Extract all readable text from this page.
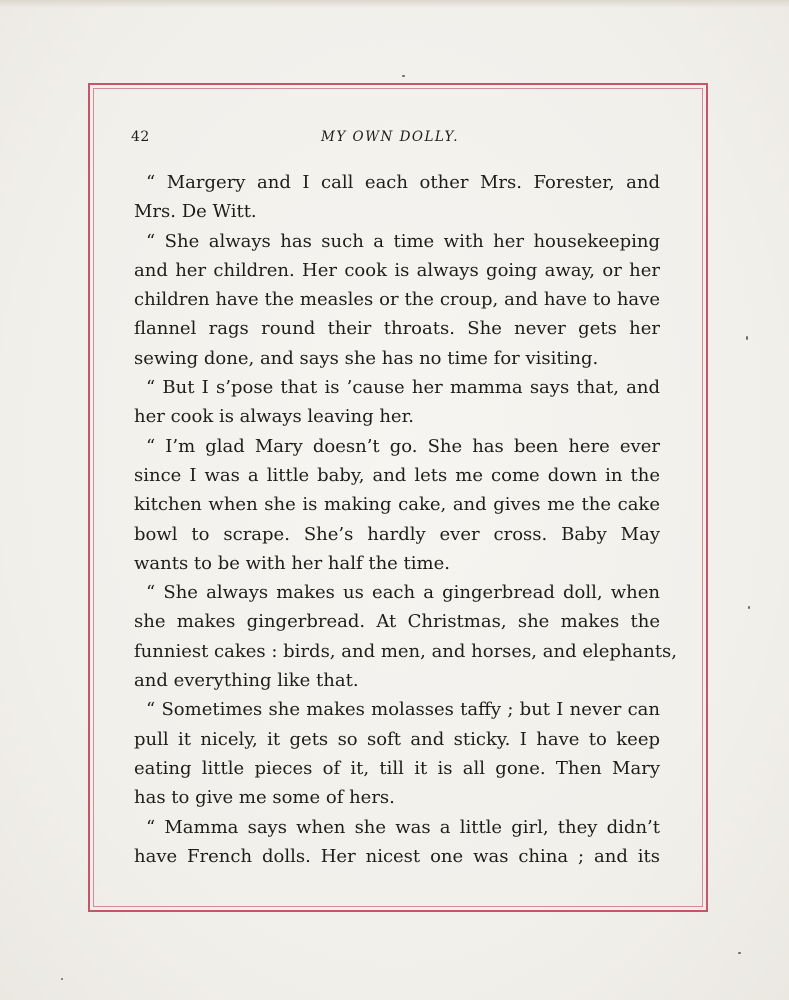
42	MY OWN DOLLY.
“ Margery and I call each other Mrs. Forester, and
Mrs. De Witt.
“ She always has such a time with her housekeeping
and her children. Her cook is always going away, or her
children have the measles or the croup, and have to have
flannel rags round their throats. She never gets her
sewing done, and says she has no time for visiting.
“ But I s’pose that is ’cause her mamma says that, and
her cook is always leaving her.
“ I’m glad Mary doesn’t go. She has been here ever
since I was a little baby, and lets me come down in the
kitchen when she is making cake, and gives me the cake
bowl to scrape. She’s hardly ever cross. Baby May
wants to be with her half the time.
“ She always makes us each a gingerbread doll, when
she makes gingerbread. At Christmas, she makes the
funniest cakes : birds, and men, and horses, and elephants,
and everything like that.
“ Sometimes she makes molasses taffy ; but I never can
pull it nicely, it gets so soft and sticky. I have to keep
eating little pieces of it, till it is all gone. Then Mary
has to give me some of hers.
“ Mamma says when she was a little girl, they didn’t
have French dolls. Her nicest one was china ; and its
